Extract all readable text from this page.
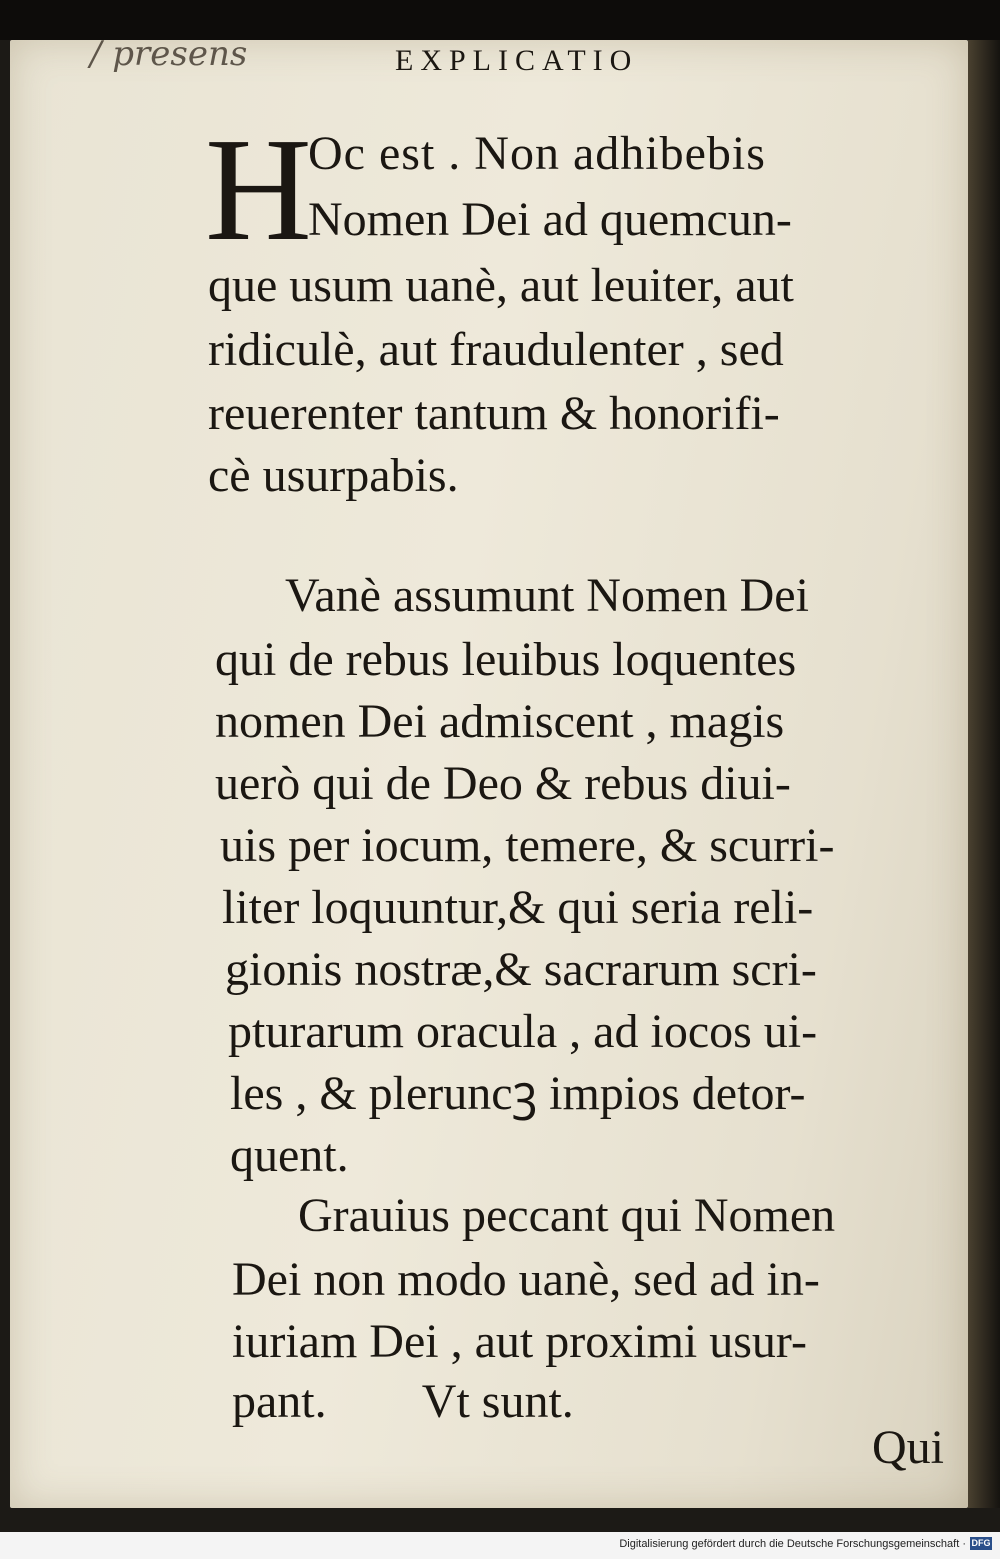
/ presens	EXPLICATIO
H
Oc est . Non adhibebis
Nomen Dei ad quemcun-
que usum uanè, aut leuiter, aut
ridiculè, aut fraudulenter , sed
reuerenter tantum & honorifi-
cè usurpabis.
Vanè assumunt Nomen Dei
qui de rebus leuibus loquentes
nomen Dei admiscent , magis
uerò qui de Deo & rebus diui-
uis per iocum, temere, & scurri-
liter loquuntur,& qui seria reli-
gionis nostræ,& sacrarum scri-
pturarum oracula , ad iocos ui-
les , & pleruncꝫ impios detor-
quent.
Grauius peccant qui Nomen
Dei non modo uanè, sed ad in-
iuriam Dei , aut proximi usur-
pant.        Vt sunt.
Qui
Digitalisierung gefördert durch die Deutsche Forschungsgemeinschaft · DFG
